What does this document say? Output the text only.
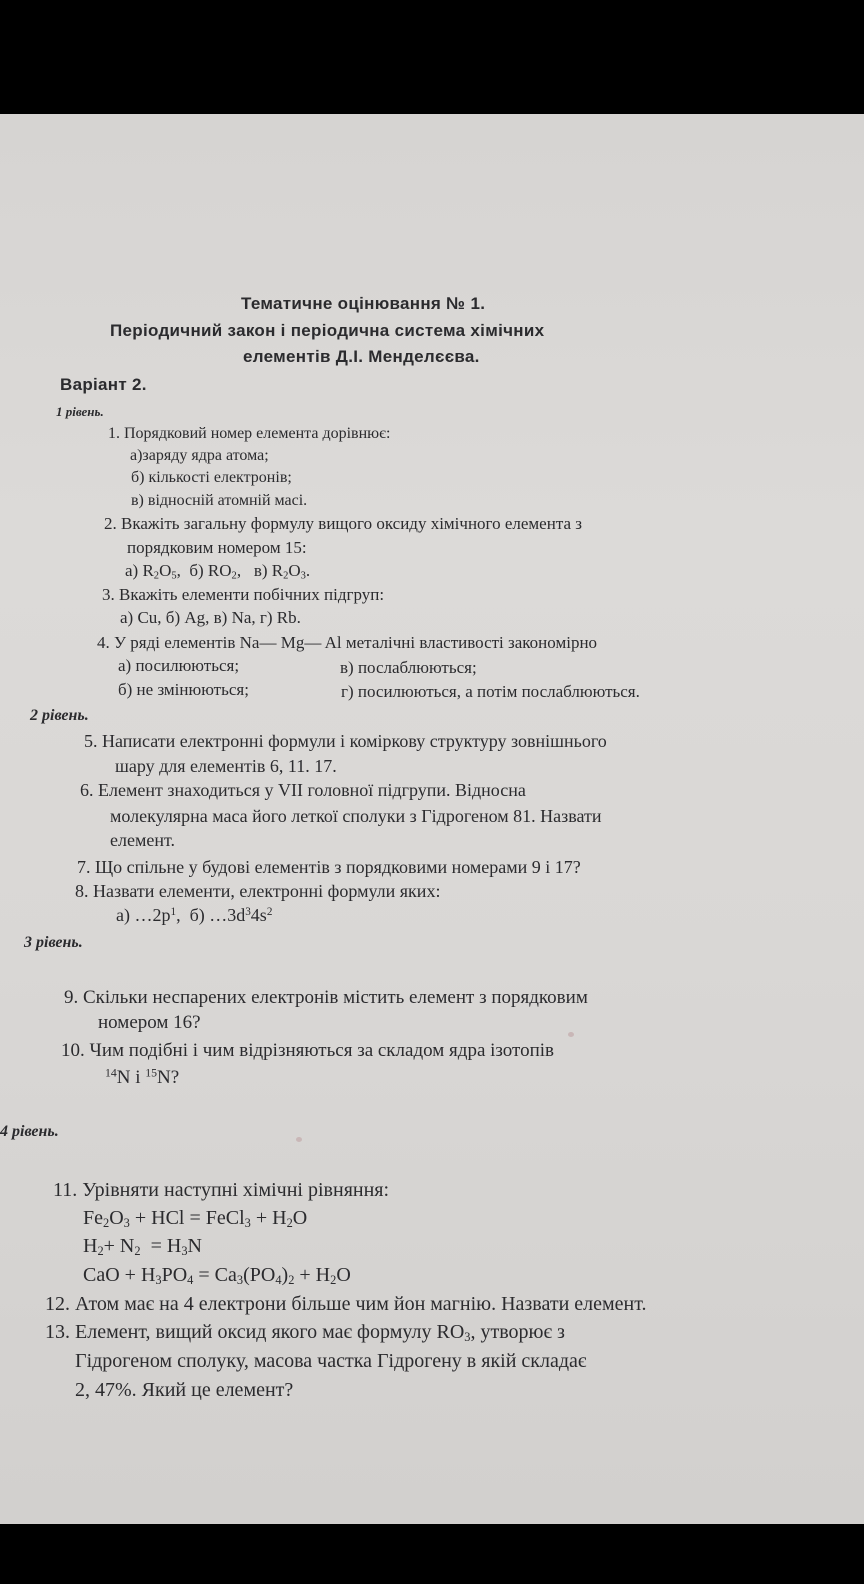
Тематичне оцінювання № 1.
Періодичний закон і періодична система хімічних
елементів Д.І. Менделєєва.
Варіант 2.
1 рівень.
1. Порядковий номер елемента дорівнює:
а)заряду ядра атома;
б) кількості електронів;
в) відносній атомній масі.
2. Вкажіть загальну формулу вищого оксиду хімічного елемента з
порядковим номером 15:
а) $R_2O_5$,  б) $RO_2$,   в) $R_2O_3$.
3. Вкажіть елементи побічних підгруп:
а) Cu, б) Ag, в) Na, г) Rb.
4. У ряді елементів Na— Mg— Al металічні властивості закономірно
а) посилюються;	в) послаблюються;
б) не змінюються;	г) посилюються, а потім послаблюються.
2 рівень.
5. Написати електронні формули і коміркову структуру зовнішнього
шару для елементів 6, 11. 17.
6. Елемент знаходиться у VII головної підгрупи. Відносна
молекулярна маса його леткої сполуки з Гідрогеном 81. Назвати
елемент.
7. Що спільне у будові елементів з порядковими номерами 9 і 17?
8. Назвати елементи, електронні формули яких:
а) $\dots 2p^1$,  б) $\dots 3d^34s^2$
3 рівень.
9. Скільки неспарених електронів містить елемент з порядковим
номером 16?
10. Чим подібні і чим відрізняються за складом ядра ізотопів
$^{14}$N і $^{15}$N?
4 рівень.
11. Урівняти наступні хімічні рівняння:
$Fe_2O_3$ + HCl = FeCl$_3$ + $H_2O$
$H_2+ N_2 = H_3N$
CaO + $H_3PO_4 = Ca_3(PO_4)_2 + H_2O$
12. Атом має на 4 електрони більше чим йон магнію. Назвати елемент.
13. Елемент, вищий оксид якого має формулу $RO_3$, утворює з
Гідрогеном сполуку, масова частка Гідрогену в якій складає
2, 47%. Який це елемент?
